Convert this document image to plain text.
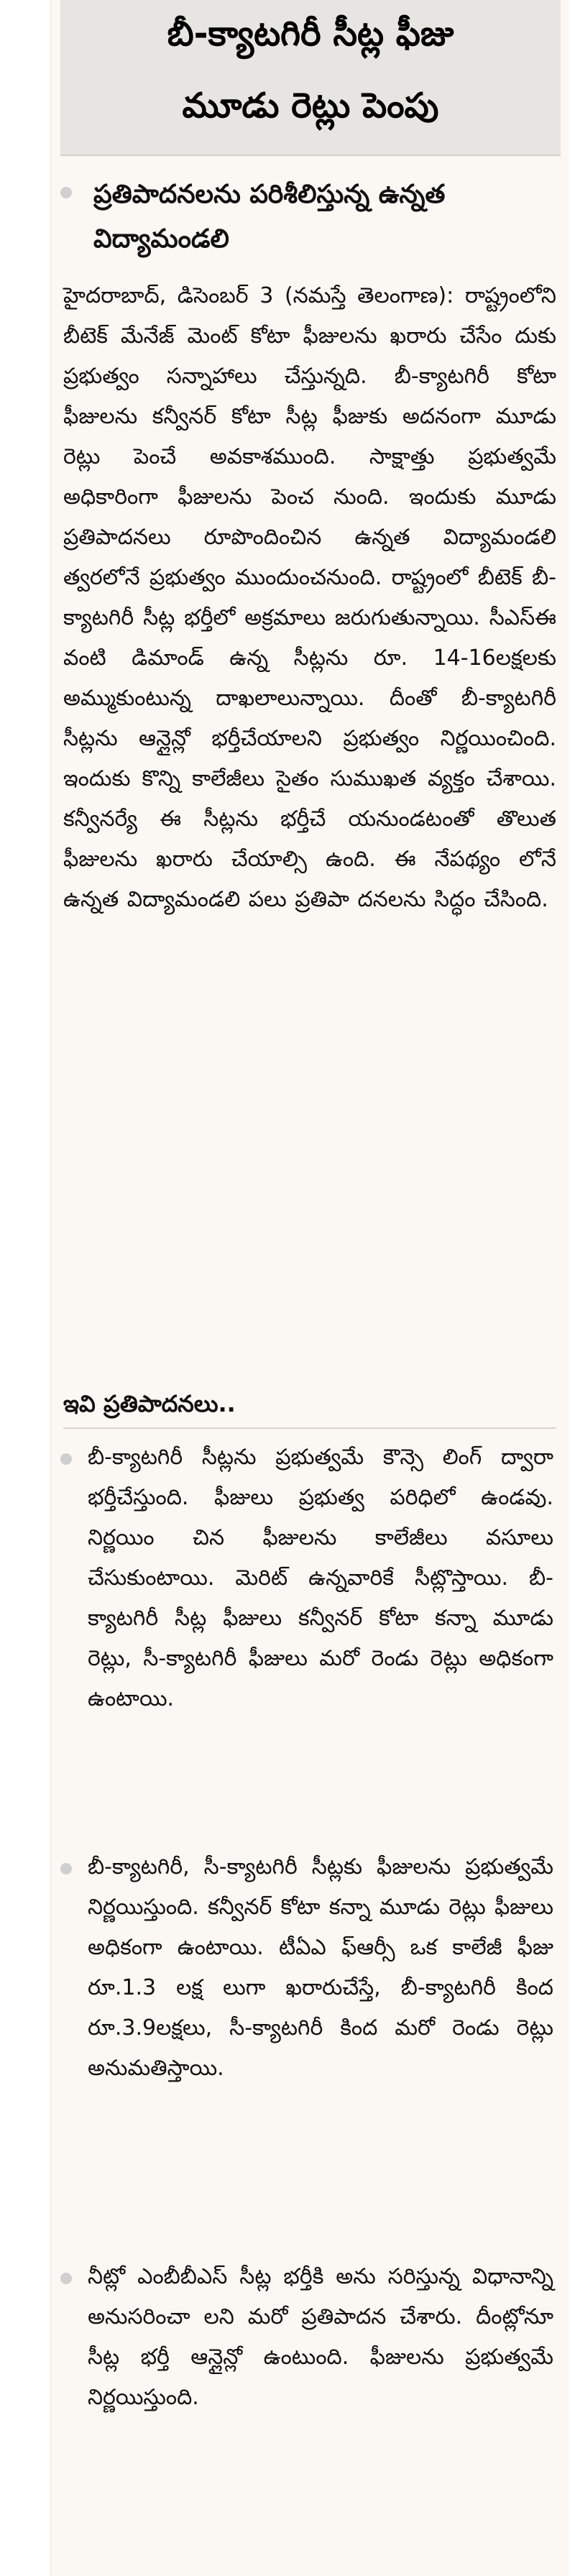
బీ-క్యాటగిరీ సీట్ల ఫీజు
మూడు రెట్లు పెంపు
ప్రతిపాదనలను పరిశీలిస్తున్న ఉన్నత విద్యామండలి
హైదరాబాద్, డిసెంబర్ 3 (నమస్తే తెలంగాణ): రాష్ట్రంలోని బీటెక్ మేనేజ్ మెంట్ కోటా ఫీజులను ఖరారు చేసేం దుకు ప్రభుత్వం సన్నాహాలు చేస్తున్నది. బీ-క్యాటగిరీ కోటా ఫీజులను కన్వీనర్ కోటా సీట్ల ఫీజుకు అదనంగా మూడు రెట్లు పెంచే అవకాశముంది. సాక్షాత్తు ప్రభుత్వమే అధికారింగా ఫీజులను పెంచ నుంది. ఇందుకు మూడు ప్రతిపాదనలు రూపొందించిన ఉన్నత విద్యామండలి త్వరలోనే ప్రభుత్వం ముందుంచనుంది. రాష్ట్రంలో బీటెక్ బీ-క్యాటగిరీ సీట్ల భర్తీలో అక్రమాలు జరుగుతున్నాయి. సీఎస్ఈ వంటి డిమాండ్ ఉన్న సీట్లను రూ. 14-16లక్షలకు అమ్ముకుంటున్న దాఖలాలున్నాయి. దీంతో బీ-క్యాటగిరీ సీట్లను ఆన్లైన్లో భర్తీచేయాలని ప్రభుత్వం నిర్ణయించింది. ఇందుకు కొన్ని కాలేజీలు సైతం సుముఖత వ్యక్తం చేశాయి. కన్వీనర్యే ఈ సీట్లను భర్తీచే యనుండటంతో తొలుత ఫీజులను ఖరారు చేయాల్సి ఉంది. ఈ నేపథ్యం లోనే ఉన్నత విద్యామండలి పలు ప్రతిపా దనలను సిద్ధం చేసింది.
ఇవి ప్రతిపాదనలు..
బీ-క్యాటగిరీ సీట్లను ప్రభుత్వమే కౌన్సె లింగ్ ద్వారా భర్తీచేస్తుంది. ఫీజులు ప్రభుత్వ పరిధిలో ఉండవు. నిర్ణయిం చిన ఫీజులను కాలేజీలు వసూలు చేసుకుంటాయి. మెరిట్ ఉన్నవారికే సీట్లొస్తాయి. బీ-క్యాటగిరీ సీట్ల ఫీజులు కన్వీనర్ కోటా కన్నా మూడు రెట్లు, సీ-క్యాటగిరీ ఫీజులు మరో రెండు రెట్లు అధికంగా ఉంటాయి.
బీ-క్యాటగిరీ, సీ-క్యాటగిరీ సీట్లకు ఫీజులను ప్రభుత్వమే నిర్ణయిస్తుంది. కన్వీనర్ కోటా కన్నా మూడు రెట్లు ఫీజులు అధికంగా ఉంటాయి. టీఏఎ ఫ్ఆర్సీ ఒక కాలేజీ ఫీజు రూ.1.3 లక్ష లుగా ఖరారుచేస్తే, బీ-క్యాటగిరీ కింద రూ.3.9లక్షలు, సీ-క్యాటగిరీ కింద మరో రెండు రెట్లు అనుమతిస్తాయి.
నీట్లో ఎంబీబీఎస్ సీట్ల భర్తీకి అను సరిస్తున్న విధానాన్ని అనుసరించా లని మరో ప్రతిపాదన చేశారు. దీంట్లోనూ సీట్ల భర్తీ ఆన్లైన్లో ఉంటుంది. ఫీజులను ప్రభుత్వమే నిర్ణయిస్తుంది.
